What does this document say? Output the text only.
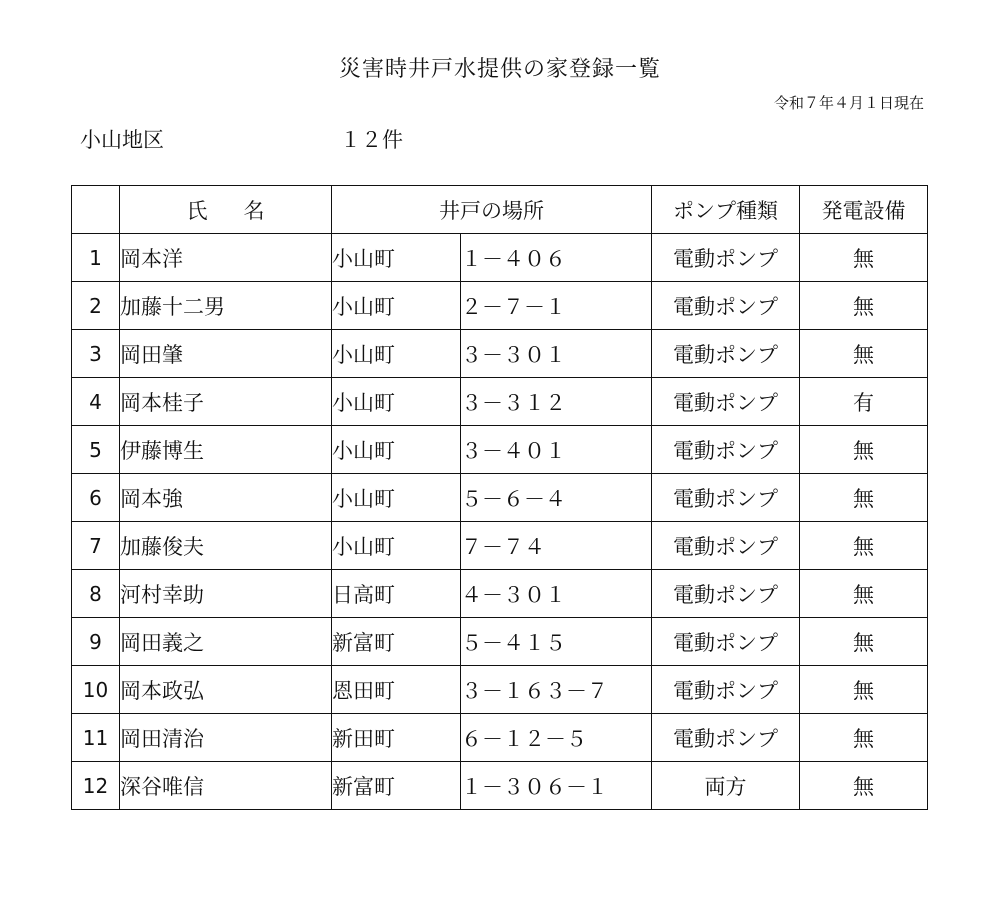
災害時井戸水提供の家登録一覧
令和７年４月１日現在
小山地区	１２件
	氏 名	井戸の場所		ポンプ種類	発電設備
1	岡本洋	小山町	１－４０６	電動ポンプ	無
2	加藤十二男	小山町	２－７－１	電動ポンプ	無
3	岡田肇	小山町	３－３０１	電動ポンプ	無
4	岡本桂子	小山町	３－３１２	電動ポンプ	有
5	伊藤博生	小山町	３－４０１	電動ポンプ	無
6	岡本強	小山町	５－６－４	電動ポンプ	無
7	加藤俊夫	小山町	７－７４	電動ポンプ	無
8	河村幸助	日高町	４－３０１	電動ポンプ	無
9	岡田義之	新富町	５－４１５	電動ポンプ	無
10	岡本政弘	恩田町	３－１６３－７	電動ポンプ	無
11	岡田清治	新田町	６－１２－５	電動ポンプ	無
12	深谷唯信	新富町	１－３０６－１	両方	無
